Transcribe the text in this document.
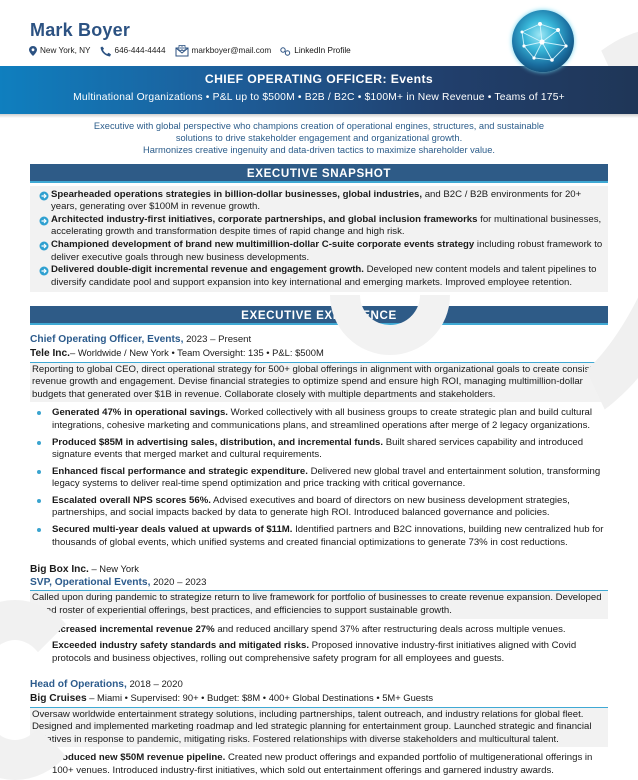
Mark Boyer
New York, NY	646-444-4444	markboyer@mail.com	LinkedIn Profile
CHIEF OPERATING OFFICER: Events
Multinational Organizations • P&L up to $500M • B2B / B2C • $100M+ in New Revenue • Teams of 175+
Executive with global perspective who champions creation of operational engines, structures, and sustainable
solutions to drive stakeholder engagement and organizational growth.
Harmonizes creative ingenuity and data-driven tactics to maximize shareholder value.
EXECUTIVE SNAPSHOT
Spearheaded operations strategies in billion-dollar businesses, global industries, and B2C / B2B environments for 20+ years, generating over $100M in revenue growth.
Architected industry-first initiatives, corporate partnerships, and global inclusion frameworks for multinational businesses, accelerating growth and transformation despite times of rapid change and high risk.
Championed development of brand new multimillion-dollar C-suite corporate events strategy including robust framework to deliver executive goals through new business developments.
Delivered double-digit incremental revenue and engagement growth. Developed new content models and talent pipelines to diversify candidate pool and support expansion into key international and emerging markets. Improved employee retention.
EXECUTIVE EXPERIENCE
Chief Operating Officer, Events, 2023 – Present
Tele Inc.– Worldwide / New York • Team Oversight: 135 • P&L: $500M
Reporting to global CEO, direct operational strategy for 500+ global offerings in alignment with organizational goals to create consistent revenue growth and engagement. Devise financial strategies to optimize spend and ensure high ROI, managing multimillion-dollar budgets that generated over $1B in revenue. Collaborate closely with multiple departments and stakeholders.
Generated 47% in operational savings. Worked collectively with all business groups to create strategic plan and build cultural integrations, cohesive marketing and communications plans, and streamlined operations after merge of 2 legacy organizations.
Produced $85M in advertising sales, distribution, and incremental funds. Built shared services capability and introduced signature events that merged market and cultural requirements.
Enhanced fiscal performance and strategic expenditure. Delivered new global travel and entertainment solution, transforming legacy systems to deliver real-time spend optimization and price tracking with critical governance.
Escalated overall NPS scores 56%. Advised executives and board of directors on new business development strategies, partnerships, and social impacts backed by data to generate high ROI. Introduced balanced governance and policies.
Secured multi-year deals valued at upwards of $11M. Identified partners and B2C innovations, building new centralized hub for thousands of global events, which unified systems and created financial optimizations to generate 73% in cost reductions.
Big Box Inc. – New York
SVP, Operational Events, 2020 – 2023
Called upon during pandemic to strategize return to live framework for portfolio of businesses to create revenue expansion. Developed broad roster of experiential offerings, best practices, and efficiencies to support sustainable growth.
Increased incremental revenue 27% and reduced ancillary spend 37% after restructuring deals across multiple venues.
Exceeded industry safety standards and mitigated risks. Proposed innovative industry-first initiatives aligned with Covid protocols and business objectives, rolling out comprehensive safety program for all employees and guests.
Head of Operations, 2018 – 2020
Big Cruises – Miami • Supervised: 90+ • Budget: $8M • 400+ Global Destinations • 5M+ Guests
Oversaw worldwide entertainment strategy solutions, including partnerships, talent outreach, and industry relations for global fleet. Designed and implemented marketing roadmap and led strategic planning for entertainment group. Launched strategic and financial initiatives in response to pandemic, mitigating risks. Fostered relationships with diverse stakeholders and multicultural talent.
Produced new $50M revenue pipeline. Created new product offerings and expanded portfolio of multigenerational offerings in 100+ venues. Introduced industry-first initiatives, which sold out entertainment offerings and garnered industry awards.
